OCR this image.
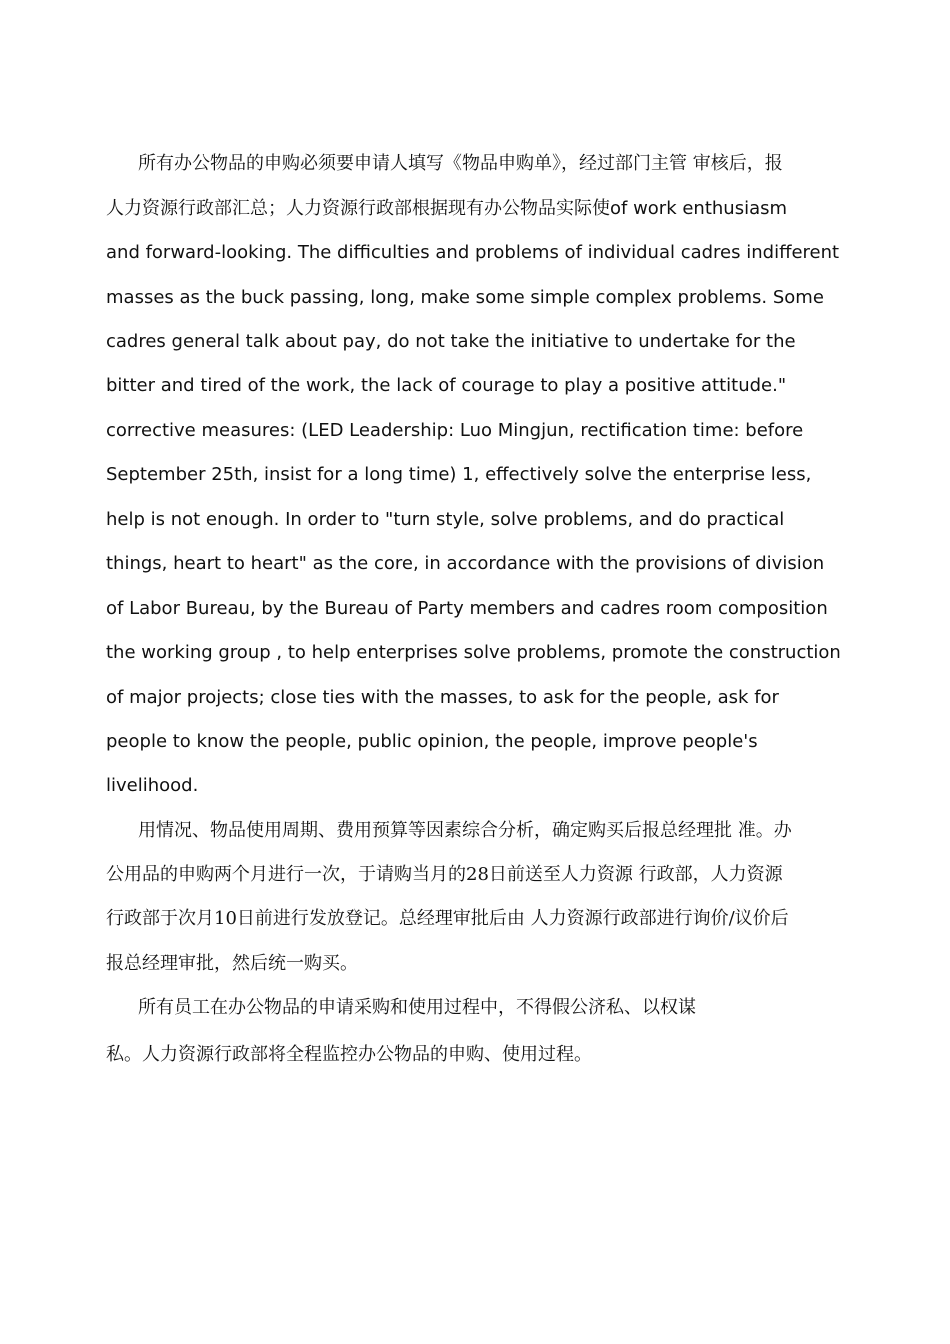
所有办公物品的申购必须要申请人填写《物品申购单》，经过部门主管 审核后，报
人力资源行政部汇总；人力资源行政部根据现有办公物品实际使of work enthusiasm
and forward-looking. The difficulties and problems of individual cadres indifferent
masses as the buck passing, long, make some simple complex problems. Some
cadres general talk about pay, do not take the initiative to undertake for the
bitter and tired of the work, the lack of courage to play a positive attitude."
corrective measures: (LED Leadership: Luo Mingjun, rectification time: before
September 25th, insist for a long time) 1, effectively solve the enterprise less,
help is not enough. In order to "turn style, solve problems, and do practical
things, heart to heart" as the core, in accordance with the provisions of division
of Labor Bureau, by the Bureau of Party members and cadres room composition
the working group , to help enterprises solve problems, promote the construction
of major projects; close ties with the masses, to ask for the people, ask for
people to know the people, public opinion, the people, improve people's
livelihood.
用情况、物品使用周期、费用预算等因素综合分析，确定购买后报总经理批 准。办
公用品的申购两个月进行一次，于请购当月的28日前送至人力资源 行政部，人力资源
行政部于次月10日前进行发放登记。总经理审批后由 人力资源行政部进行询价/议价后
报总经理审批，然后统一购买。
所有员工在办公物品的申请采购和使用过程中，不得假公济私、以权谋
私。人力资源行政部将全程监控办公物品的申购、使用过程。
